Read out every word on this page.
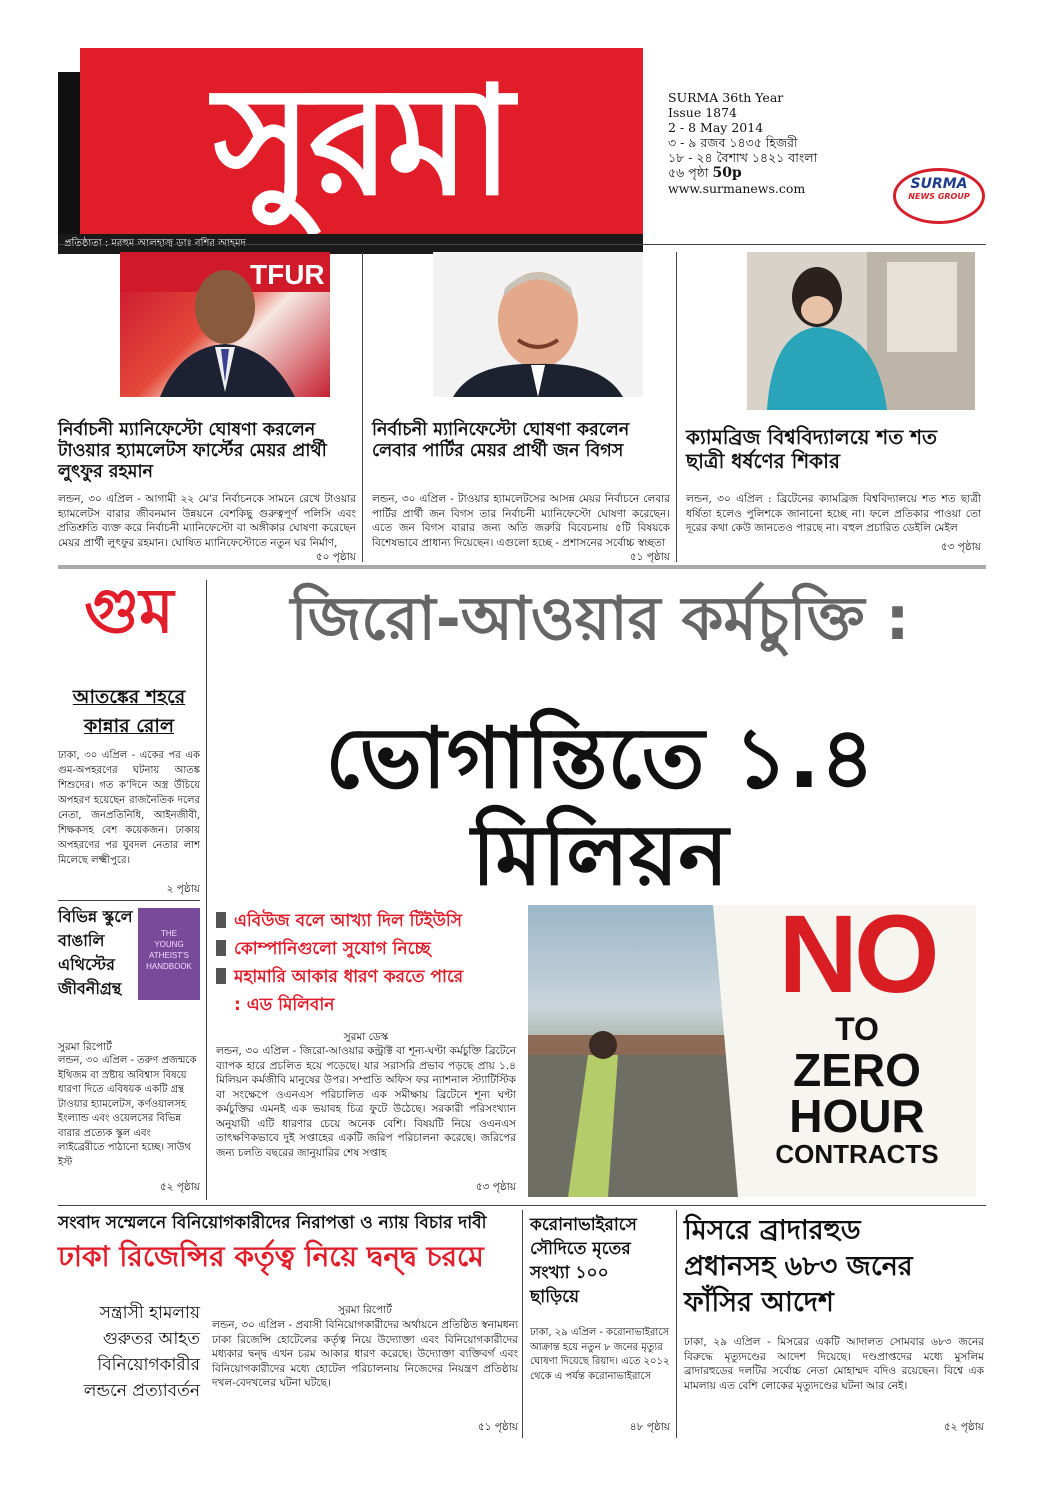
সুরমা	SURMA 36th Year
Issue 1874
2 - 8 May 2014
৩ - ৯ রজব ১৪৩৫ হিজরী
১৮ - ২৪ বৈশাখ ১৪২১ বাংলা
৫৬ পৃষ্ঠা 50p
www.surmanews.com	SURMA
NEWS GROUP
TFUR R
নির্বাচনী ম্যানিফেস্টো ঘোষণা করলেন টাওয়ার হ্যামলেটস ফার্স্টের মেয়র প্রার্থী লুৎফুর রহমান
লন্ডন, ৩০ এপ্রিল - আগামী ২২ মে’র নির্বাচনকে সামনে রেখে টাওয়ার হ্যামলেটস বারার জীবনমান উন্নয়নে বেশকিছু গুরুত্বপূর্ণ পলিসি এবং প্রতিশ্রুতি ব্যক্ত করে নির্বাচনী ম্যানিফেস্টো বা অঙ্গীকার ঘোষণা করেছেন মেয়র প্রার্থী লুৎফুর রহমান। ঘোষিত ম্যানিফেস্টোতে নতুন ঘর নির্মাণ,
৫০ পৃষ্ঠায়
নির্বাচনী ম্যানিফেস্টো ঘোষণা করলেন লেবার পার্টির মেয়র প্রার্থী জন বিগস
লন্ডন, ৩০ এপ্রিল - টাওয়ার হ্যামলেটসের আসন্ন মেয়র নির্বাচনে লেবার পার্টির প্রার্থী জন বিগস তার নির্বাচনী ম্যানিফেস্টো ঘোষণা করেছেন। এতে জন বিগস বারার জন্য অতি জরুরি বিবেচনায় ৫টি বিষয়কে বিশেষভাবে প্রাধান্য দিয়েছেন। এগুলো হচ্ছে - প্রশাসনের সর্বোচ্চ স্বচ্ছতা
৫১ পৃষ্ঠায়
ক্যামব্রিজ বিশ্ববিদ্যালয়ে শত শত ছাত্রী ধর্ষণের শিকার
লন্ডন, ৩০ এপ্রিল : ব্রিটেনের ক্যামব্রিজ বিশ্ববিদ্যালয়ে শত শত ছাত্রী ধর্ষিতা হলেও পুলিশকে জানানো হচ্ছে না। ফলে প্রতিকার পাওয়া তো দূরের কথা কেউ জানতেও পারছে না। বহুল প্রচারিত ডেইলি মেইল
৫৩ পৃষ্ঠায়
গুম
আতঙ্কের শহরে
কান্নার রোল
ঢাকা, ৩০ এপ্রিল - একের পর এক গুম-অপহরণের ঘটনায় আতঙ্ক শিশুদের। গত ক’দিনে অস্ত্র উঁচিয়ে অপহরণ হয়েছেন রাজনৈতিক দলের নেতা, জনপ্রতিনিধি, আইনজীবী, শিক্ষকসহ বেশ কয়েকজন। ঢাকায় অপহরণের পর যুবদল নেতার লাশ মিলেছে লক্ষ্মীপুরে।
২ পৃষ্ঠায়
জিরো-আওয়ার কর্মচুক্তি :
ভোগান্তিতে ১.৪ মিলিয়ন
এবিউজ বলে আখ্যা দিল টিইউসি
কোম্পানিগুলো সুযোগ নিচ্ছে
মহামারি আকার ধারণ করতে পারে
: এড মিলিবান
সুরমা ডেস্ক
লন্ডন, ৩০ এপ্রিল - জিরো-আওয়ার কন্ট্রাক্ট বা শূন্য-ঘণ্টা কর্মচুক্তি ব্রিটেনে ব্যাপক হারে প্রচলিত হয়ে পড়েছে। যার সরাসরি প্রভাব পড়ছে প্রায় ১.৪ মিলিয়ন কর্মজীবি মানুষের উপর। সম্প্রতি অফিস ফর ন্যাশনাল স্ট্যাটিস্টিক বা সংক্ষেপে ওএনএস পরিচালিত এক সমীক্ষায় ব্রিটেনে শূন্য ঘণ্টা কর্মচুক্তির এমনই এক ভয়াবহ চিত্র ফুটে উঠেছে। সরকারী পরিসংখ্যান অনুযায়ী এটি ধারণার চেয়ে অনেক বেশি। বিষয়টি নিয়ে ওএনএস তাৎক্ষণিকভাবে দুই সপ্তাহের একটি জরিপ পরিচালনা করেছে। জরিপের জন্য চলতি বছরের জানুয়ারির শেষ সপ্তাহ
৫৩ পৃষ্ঠায়
NO
TO
ZERO
HOUR
CONTRACTS
বিভিন্ন স্কুলে
বাঙালি
এথিস্টের
জীবনীগ্রন্থ
THE
YOUNG
ATHEIST'S
HANDBOOK
সুরমা রিপোর্ট
লন্ডন, ৩০ এপ্রিল - তরুণ প্রজন্মকে ইথিজম বা স্রষ্টায় অবিশ্বাস বিষয়ে ধারণা দিতে এবিষয়ক একটি গ্রন্থ টাওয়ার হ্যামলেটস, কর্ণওয়ালসহ ইংল্যান্ড এবং ওয়েলসের বিভিন্ন বারার প্রত্যেক স্কুল এবং লাইব্রেরীতে পাঠানো হচ্ছে। সাউথ ইস্ট
৫২ পৃষ্ঠায়
সংবাদ সম্মেলনে বিনিয়োগকারীদের নিরাপত্তা ও ন্যায় বিচার দাবী
ঢাকা রিজেন্সির কর্তৃত্ব নিয়ে দ্বন্দ্ব চরমে
সন্ত্রাসী হামলায়
গুরুতর আহত
বিনিয়োগকারীর
লন্ডনে প্রত্যাবর্তন
সুরমা রিপোর্ট
লন্ডন, ৩০ এপ্রিল - প্রবাসী বিনিয়োগকারীদের অর্থায়নে প্রতিষ্ঠিত স্বনামধন্য ঢাকা রিজেন্সি হোটেলের কর্তৃত্ব নিয়ে উদ্যোক্তা এবং বিনিয়োগকারীদের মধ্যকার দ্বন্দ্ব এখন চরম আকার ধারণ করেছে। উদ্যোক্তা ব্যক্তিবর্গ এবং বিনিয়োগকারীদের মধ্যে হোটেল পরিচালনায় নিজেদের নিয়ন্ত্রণ প্রতিষ্ঠায় দখল-বেদখলের ঘটনা ঘটছে।
৫১ পৃষ্ঠায়
করোনাভাইরাসে
সৌদিতে মৃতের
সংখ্যা ১০০
ছাড়িয়ে
ঢাকা, ২৯ এপ্রিল - করোনাভাইরাসে আক্রান্ত হয়ে নতুন ৮ জনের মৃত্যুর ঘোষণা দিয়েছে রিয়াদ। এতে ২০১২ থেকে এ পর্যন্ত করোনাভাইরাসে
৪৮ পৃষ্ঠায়
মিসরে ব্রাদারহুড
প্রধানসহ ৬৮৩ জনের
ফাঁসির আদেশ
ঢাকা, ২৯ এপ্রিল - মিসরের একটি আদালত সোমবার ৬৮৩ জনের বিরুদ্ধে মৃত্যুদণ্ডের আদেশ দিয়েছে। দণ্ডপ্রাপ্তদের মধ্যে মুসলিম ব্রাদারহুডের দলটির সর্বোচ্চ নেতা মোহাম্মদ বদিও রয়েছেন। বিশ্বে এক মামলায় এত বেশি লোকের মৃত্যুদণ্ডের ঘটনা আর নেই।
৫২ পৃষ্ঠায়
